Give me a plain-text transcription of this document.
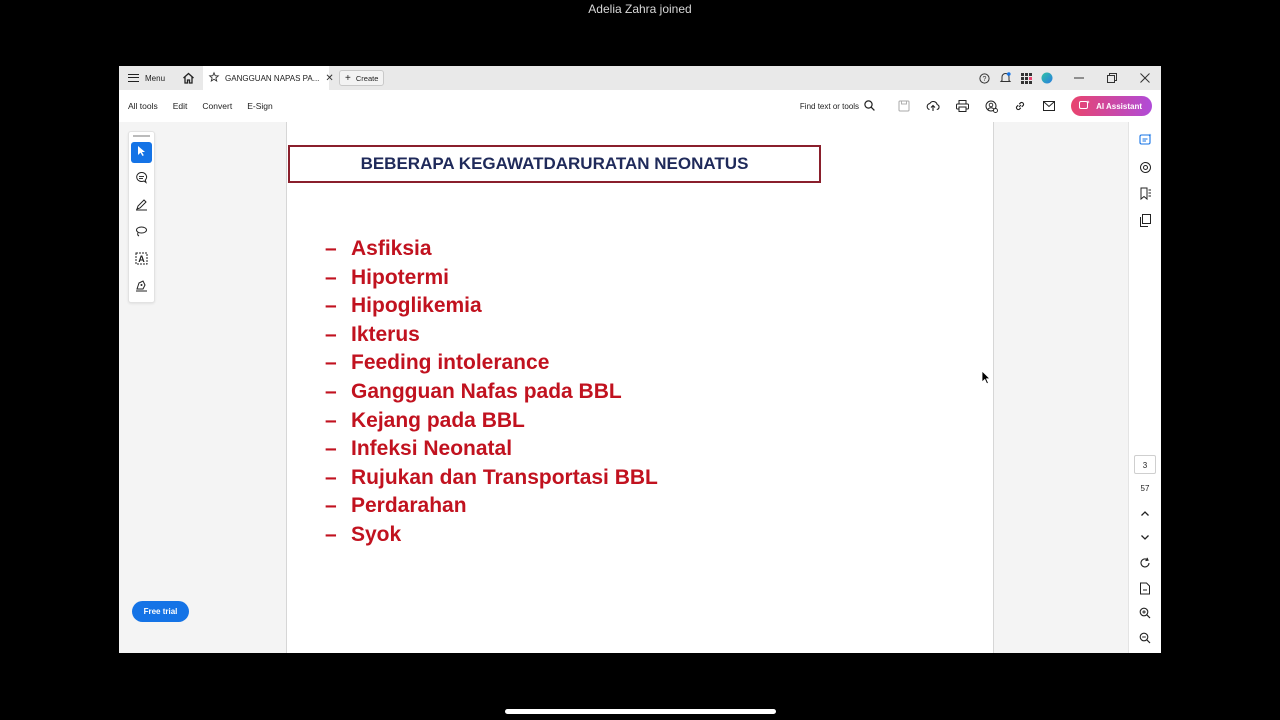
Adelia Zahra joined
Menu	GANGGUAN NAPAS PA... ✕ + Create	?
All tools Edit Convert E-Sign	Find text or tools	AI Assistant
A
Free trial
BEBERAPA KEGAWATDARURATAN NEONATUS
– Asfiksia
– Hipotermi
– Hipoglikemia
– Ikterus
– Feeding intolerance
– Gangguan Nafas pada BBL
– Kejang pada BBL
– Infeksi Neonatal
– Rujukan dan Transportasi BBL
– Perdarahan
– Syok
3
57
